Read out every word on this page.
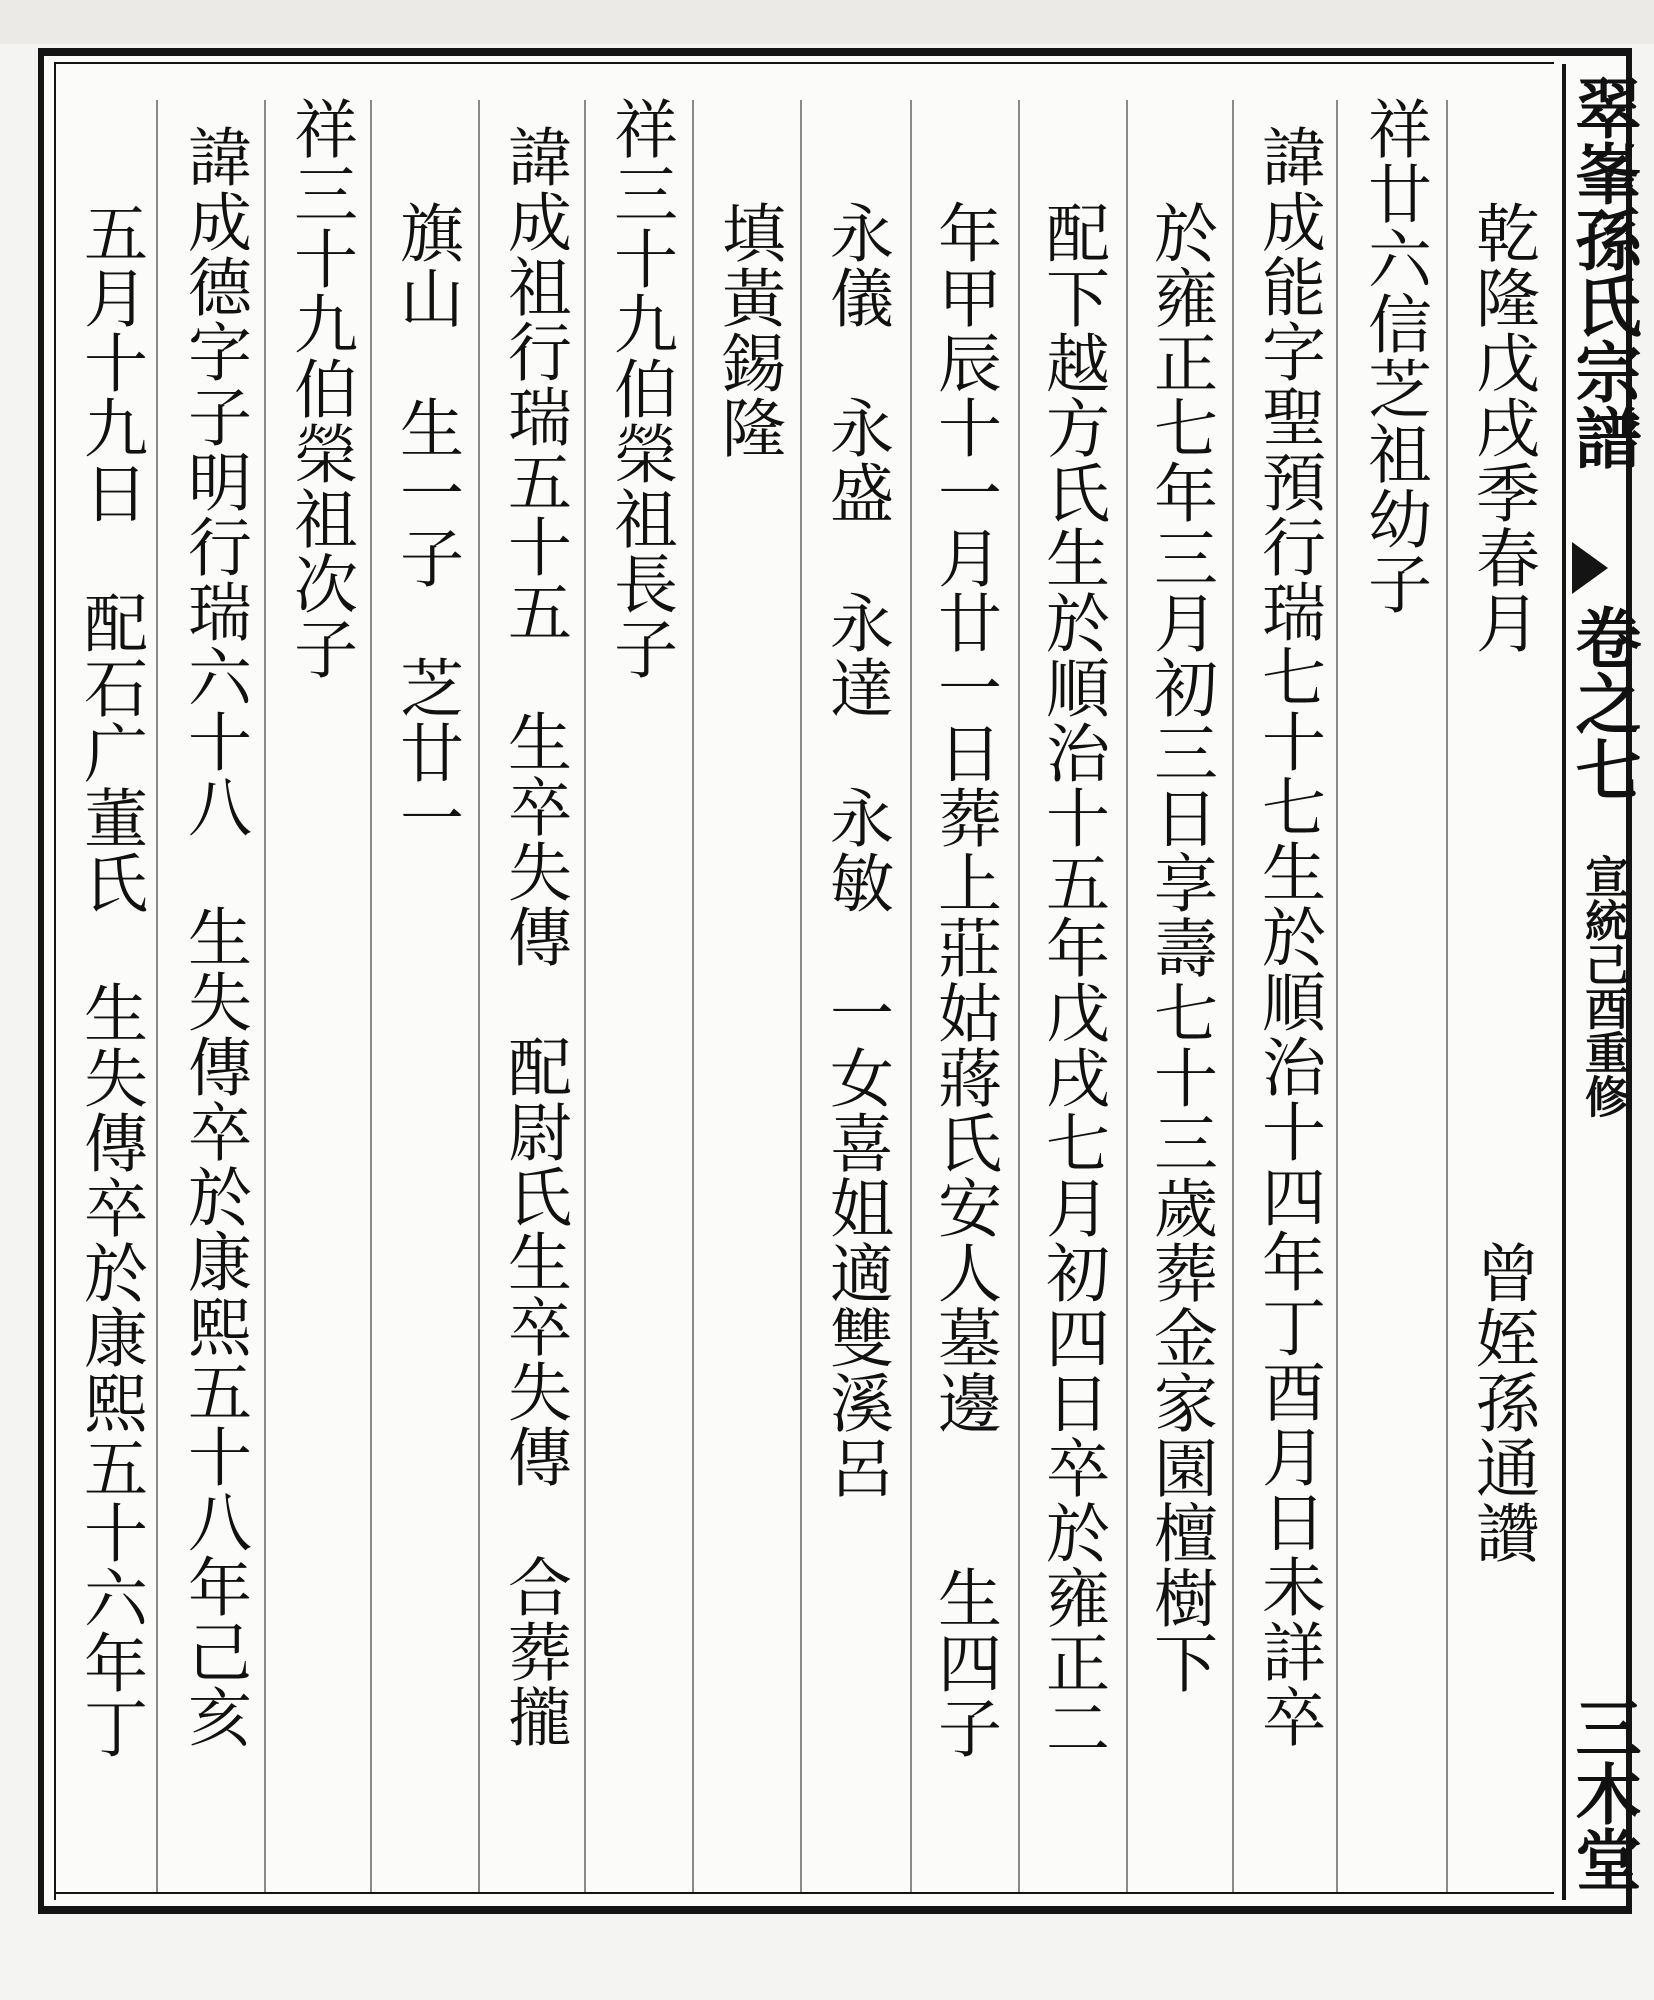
乾隆戊戌季春月　　　　　　　　　曾姪孫通讚
祥廿六信芝祖幼子
諱成能字聖預行瑞七十七生於順治十四年丁酉月日未詳卒
於雍正七年三月初三日享壽七十三歲葬金家園檀樹下
配下越方氏生於順治十五年戊戌七月初四日卒於雍正二
年甲辰十一月廿一日葬上莊姑蔣氏安人墓邊　　生四子
永儀　永盛　永達　永敏　一女喜姐適雙溪呂
填黃錫隆
祥三十九伯榮祖長子
諱成祖行瑞五十五　生卒失傳　配尉氏生卒失傳　合葬攏
旗山　生一子　芝廿一
祥三十九伯榮祖次子
諱成德字子明行瑞六十八　生失傳卒於康熙五十八年己亥
五月十九日　配石广董氏　生失傳卒於康熙五十六年丁	翠峯孫氏宗譜
卷之七
宣統己酉重修
三木堂
